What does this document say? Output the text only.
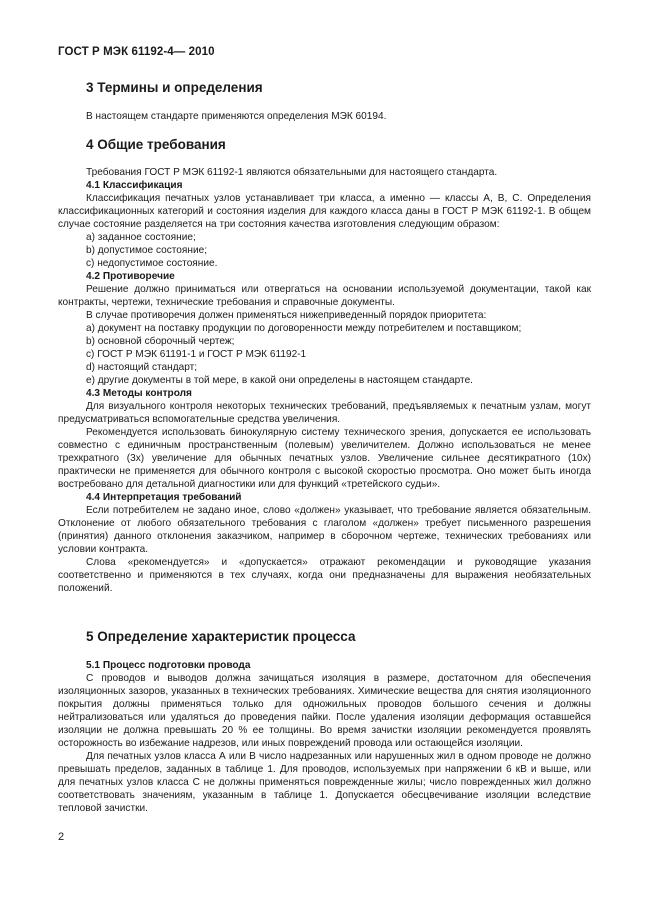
ГОСТ Р МЭК 61192-4— 2010
3 Термины и определения

В настоящем стандарте применяются определения МЭК 60194.

4 Общие требования

Требования ГОСТ Р МЭК 61192-1 являются обязательными для настоящего стандарта.

4.1 Классификация

Классификация печатных узлов устанавливает три класса, а именно — классы А, В, С. Определения классификационных категорий и состояния изделия для каждого класса даны в ГОСТ Р МЭК 61192-1. В общем случае состояние разделяется на три состояния качества изготовления следующим образом:

а) заданное состояние;

b) допустимое состояние;

с) недопустимое состояние.

4.2 Противоречие

Решение должно приниматься или отвергаться на основании используемой документации, такой как контракты, чертежи, технические требования и справочные документы.

В случае противоречия должен применяться нижеприведенный порядок приоритета:

а) документ на поставку продукции по договоренности между потребителем и поставщиком;

b) основной сборочный чертеж;

с) ГОСТ Р МЭК 61191-1 и ГОСТ Р МЭК 61192-1

d) настоящий стандарт;

е) другие документы в той мере, в какой они определены в настоящем стандарте.

4.3 Методы контроля

Для визуального контроля некоторых технических требований, предъявляемых к печатным узлам, могут предусматриваться вспомогательные средства увеличения.

Рекомендуется использовать бинокулярную систему технического зрения, допускается ее использовать совместно с единичным пространственным (полевым) увеличителем. Должно использоваться не менее трехкратного (3х) увеличение для обычных печатных узлов. Увеличение сильнее десятикратного (10х) практически не применяется для обычного контроля с высокой скоростью просмотра. Оно может быть иногда востребовано для детальной диагностики или для функций «третейского судьи».

4.4 Интерпретация требований

Если потребителем не задано иное, слово «должен» указывает, что требование является обязательным. Отклонение от любого обязательного требования с глаголом «должен» требует письменного разрешения (принятия) данного отклонения заказчиком, например в сборочном чертеже, технических требованиях или условии контракта.

Слова «рекомендуется» и «допускается» отражают рекомендации и руководящие указания соответственно и применяются в тех случаях, когда они предназначены для выражения необязательных положений.

5 Определение характеристик процесса

5.1 Процесс подготовки провода

С проводов и выводов должна зачищаться изоляция в размере, достаточном для обеспечения изоляционных зазоров, указанных в технических требованиях. Химические вещества для снятия изоляционного покрытия должны применяться только для одножильных проводов большого сечения и должны нейтрализоваться или удаляться до проведения пайки. После удаления изоляции деформация оставшейся изоляции не должна превышать 20 % ее толщины. Во время зачистки изоляции рекомендуется проявлять осторожность во избежание надрезов, или иных повреждений провода или остающейся изоляции.

Для печатных узлов класса А или В число надрезанных или нарушенных жил в одном проводе не должно превышать пределов, заданных в таблице 1. Для проводов, используемых при напряжении 6 кВ и выше, или для печатных узлов класса С не должны применяться поврежденные жилы; число поврежденных жил должно соответствовать значениям, указанным в таблице 1. Допускается обесцвечивание изоляции вследствие тепловой зачистки.

2
